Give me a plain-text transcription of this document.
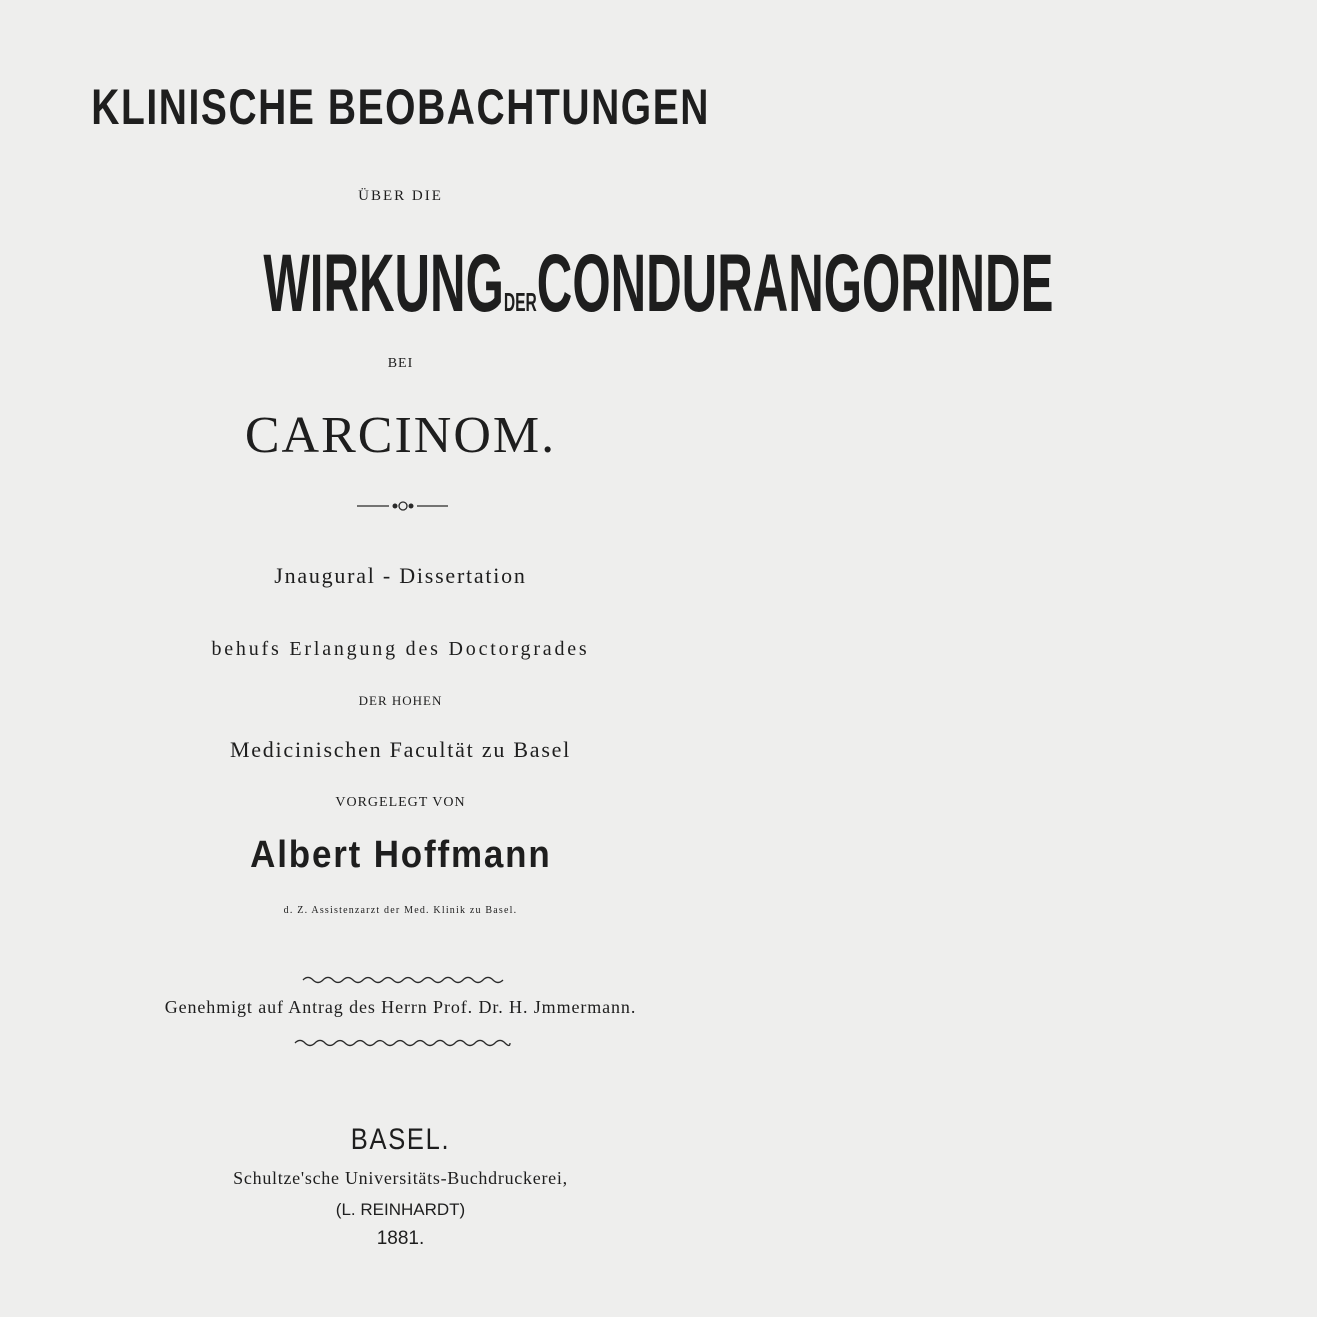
KLINISCHE BEOBACHTUNGEN
ÜBER DIE
WIRKUNGDERCONDURANGORINDE
BEI
CARCINOM.
Jnaugural - Dissertation
behufs Erlangung des Doctorgrades
DER HOHEN
Medicinischen Facultät zu Basel
VORGELEGT VON
Albert Hoffmann
d. Z. Assistenzarzt der Med. Klinik zu Basel.
Genehmigt auf Antrag des Herrn Prof. Dr. H. Jmmermann.
BASEL.
Schultze'sche Universitäts-Buchdruckerei,
(L. REINHARDT)
1881.
